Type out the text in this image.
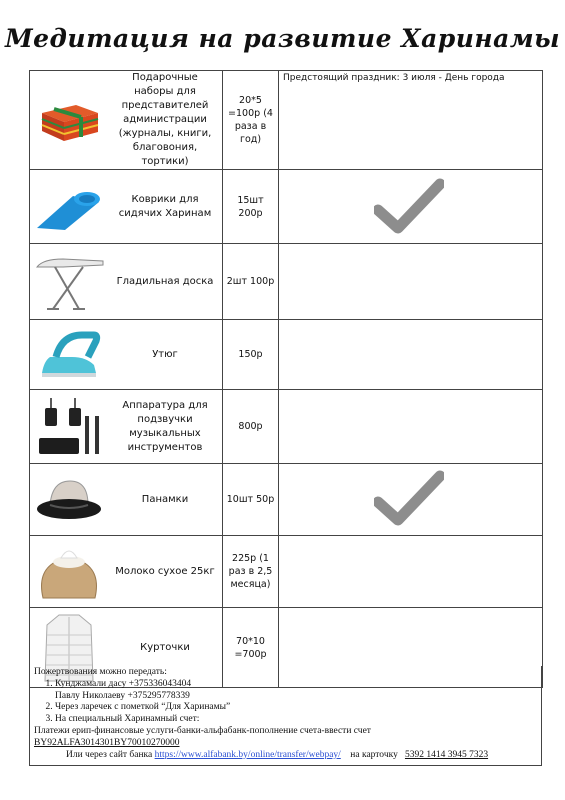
Медитация на развитие Харинамы
Подарочные наборы для представителей администрации (журналы, книги, благовония, тортики)	20*5 =100р (4 раза в год)	Предстоящий праздник: 3 июля - День города

Коврики для сидячих Харинам	15шт 200р	

Гладильная доска	2шт 100р	

Утюг	150р	

Аппаратура для подзвучки музыкальных инструментов	800р	

Панамки	10шт 50р	

Молоко сухое 25кг	225р (1 раз в 2,5 месяца)	

Курточки	70*10 =700р	
Пожертвования можно передать:
1. Кунджамали дасу +375336043404
Павлу Николаеву +375295778339
2. Через ларечек с пометкой “Для Харинамы”
3. На специальный Харинамный счет:
Платежи ерип-финансовые услуги-банки-альфабанк-пополнение счета-ввести счет
BY92ALFA3014301BY70010270000
Или через сайт банка https://www.alfabank.by/online/transfer/webpay/ на карточку 5392 1414 3945 7323
